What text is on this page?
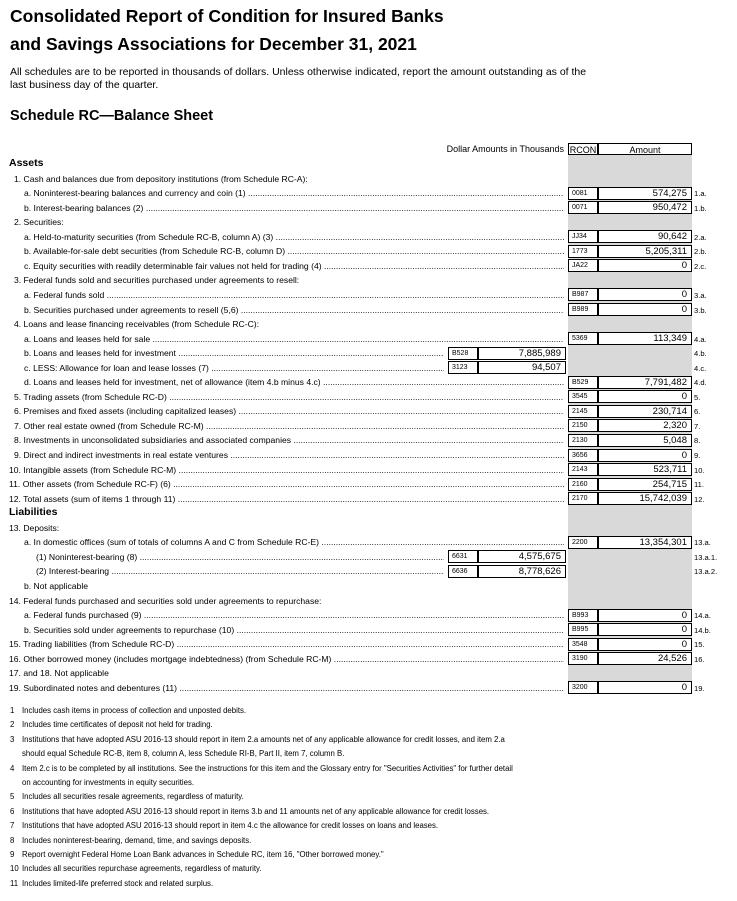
Consolidated Report of Condition for Insured Banks
and Savings Associations for December 31, 2021
All schedules are to be reported in thousands of dollars. Unless otherwise indicated, report the amount outstanding as of the
last business day of the quarter.
Schedule RC—Balance Sheet
Dollar Amounts in Thousands RCON	Amount
Assets
1. Cash and balances due from depository institutions (from Schedule RC-A):
a. Noninterest-bearing balances and currency and coin (1) .....	0081	574,275 1.a.
b. Interest-bearing balances (2) .....	0071	950,472 1.b.
2. Securities:
a. Held-to-maturity securities (from Schedule RC-B, column A) (3) .....	JJ34	90,642 2.a.
b. Available-for-sale debt securities (from Schedule RC-B, column D) .....	1773	5,205,311 2.b.
c. Equity securities with readily determinable fair values not held for trading (4) .....	JA22	0 2.c.
3. Federal funds sold and securities purchased under agreements to resell:
a. Federal funds sold .....	B987	0 3.a.
b. Securities purchased under agreements to resell (5,6) .....	B989	0 3.b.
4. Loans and lease financing receivables (from Schedule RC-C):
a. Loans and leases held for sale .....	5369	113,349 4.a.
b. Loans and leases held for investment .....	B528	7,885,989	4.b.
c. LESS: Allowance for loan and lease losses (7) .....	3123	94,507	4.c.
d. Loans and leases held for investment, net of allowance (item 4.b minus 4.c) .....	B529	7,791,482 4.d.
5. Trading assets (from Schedule RC-D) .....	3545	0 5.
6. Premises and fixed assets (including capitalized leases) .....	2145	230,714 6.
7. Other real estate owned (from Schedule RC-M) .....	2150	2,320 7.
8. Investments in unconsolidated subsidiaries and associated companies .....	2130	5,048 8.
9. Direct and indirect investments in real estate ventures .....	3656	0 9.
10. Intangible assets (from Schedule RC-M) .....	2143	523,711 10.
11. Other assets (from Schedule RC-F) (6) .....	2160	254,715 11.
12. Total assets (sum of items 1 through 11) .....	2170	15,742,039 12.
Liabilities
13. Deposits:
a. In domestic offices (sum of totals of columns A and C from Schedule RC-E) .....	2200	13,354,301 13.a.
(1) Noninterest-bearing (8) .....	6631	4,575,675	13.a.1.
(2) Interest-bearing .....	6636	8,778,626	13.a.2.
b. Not applicable
14. Federal funds purchased and securities sold under agreements to repurchase:
a. Federal funds purchased (9) .....	B993	0 14.a.
b. Securities sold under agreements to repurchase (10) .....	B995	0 14.b.
15. Trading liabilities (from Schedule RC-D) .....	3548	0 15.
16. Other borrowed money (includes mortgage indebtedness) (from Schedule RC-M) .....	3190	24,526 16.
17. and 18. Not applicable
19. Subordinated notes and debentures (11) .....	3200	0 19.
1 Includes cash items in process of collection and unposted debits.
2 Includes time certificates of deposit not held for trading.
3 Institutions that have adopted ASU 2016-13 should report in item 2.a amounts net of any applicable allowance for credit losses, and item 2.a
should equal Schedule RC-B, item 8, column A, less Schedule RI-B, Part II, item 7, column B.
4 Item 2.c is to be completed by all institutions. See the instructions for this item and the Glossary entry for "Securities Activities" for further detail
on accounting for investments in equity securities.
5 Includes all securities resale agreements, regardless of maturity.
6 Institutions that have adopted ASU 2016-13 should report in items 3.b and 11 amounts net of any applicable allowance for credit losses.
7 Institutions that have adopted ASU 2016-13 should report in item 4.c the allowance for credit losses on loans and leases.
8 Includes noninterest-bearing, demand, time, and savings deposits.
9 Report overnight Federal Home Loan Bank advances in Schedule RC, item 16, "Other borrowed money."
10 Includes all securities repurchase agreements, regardless of maturity.
11 Includes limited-life preferred stock and related surplus.
